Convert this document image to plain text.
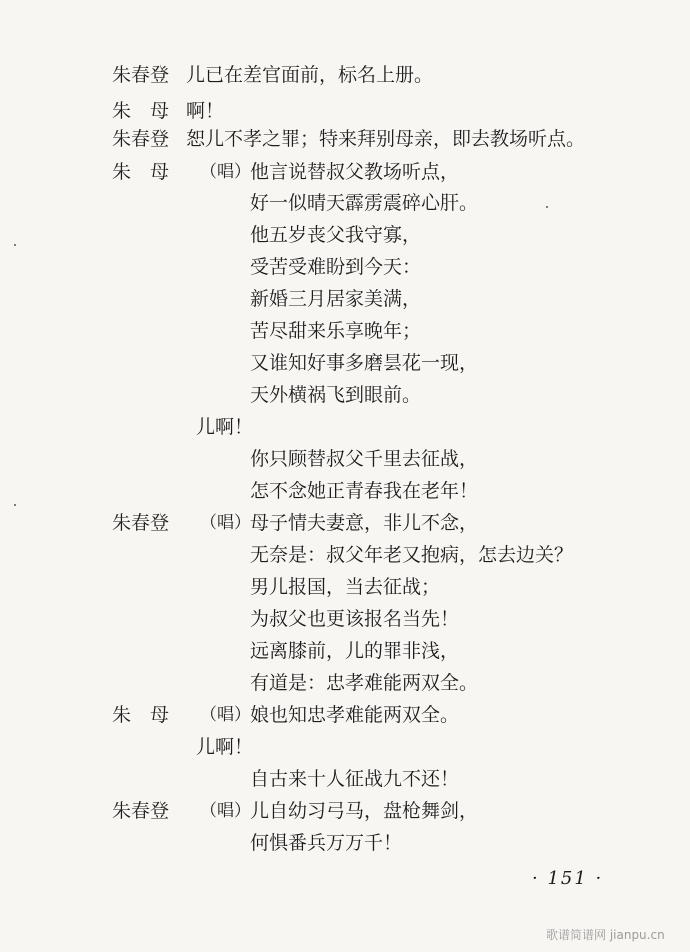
朱春登 儿已在差官面前，标名上册。
朱　母 啊！
朱春登 恕儿不孝之罪；特来拜别母亲，即去教场听点。
朱　母	（唱） 他言说替叔父教场听点，
好一似晴天霹雳震碎心肝。
他五岁丧父我守寡，
受苦受难盼到今天：
新婚三月居家美满，
苦尽甜来乐享晚年；
又谁知好事多磨昙花一现，
天外横祸飞到眼前。
儿啊！
你只顾替叔父千里去征战，
怎不念她正青春我在老年！
朱春登	（唱） 母子情夫妻意，非儿不念，
无奈是：叔父年老又抱病，怎去边关？
男儿报国，当去征战；
为叔父也更该报名当先！
远离膝前，儿的罪非浅，
有道是：忠孝难能两双全。
朱　母	（唱） 娘也知忠孝难能两双全。
儿啊！
自古来十人征战九不还！
朱春登	（唱） 儿自幼习弓马，盘枪舞剑，
何惧番兵万万千！
· 151 ·
歌谱简谱网 jianpu.cn
